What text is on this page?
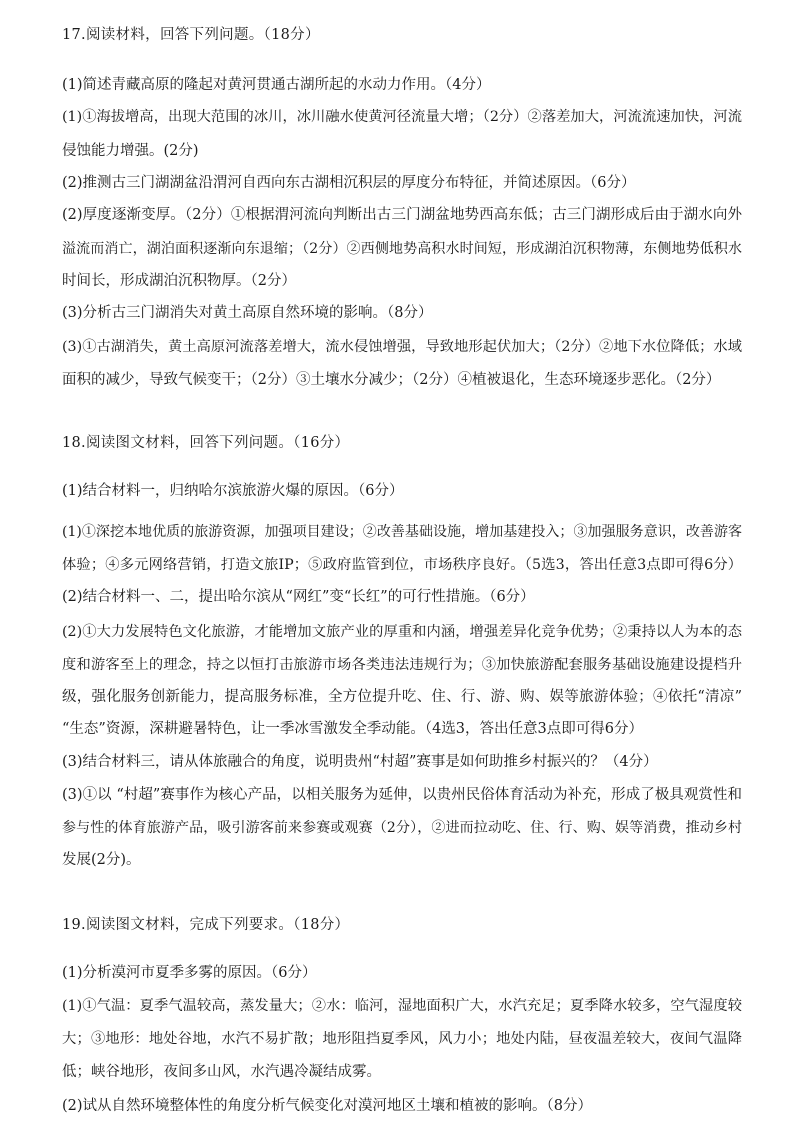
17.阅读材料，回答下列问题。（18分）
(1)简述青藏高原的隆起对黄河贯通古湖所起的水动力作用。（4分）
(1)①海拔增高，出现大范围的冰川，冰川融水使黄河径流量大增；（2分）②落差加大，河流流速加快，河流
侵蚀能力增强。(2分)
(2)推测古三门湖湖盆沿渭河自西向东古湖相沉积层的厚度分布特征，并简述原因。（6分）
(2)厚度逐渐变厚。（2分）①根据渭河流向判断出古三门湖盆地势西高东低；古三门湖形成后由于湖水向外
溢流而消亡，湖泊面积逐渐向东退缩；（2分）②西侧地势高积水时间短，形成湖泊沉积物薄，东侧地势低积水
时间长，形成湖泊沉积物厚。（2分）
(3)分析古三门湖消失对黄土高原自然环境的影响。（8分）
(3)①古湖消失，黄土高原河流落差增大，流水侵蚀增强，导致地形起伏加大；（2分）②地下水位降低；水域
面积的减少，导致气候变干；（2分）③土壤水分减少；（2分）④植被退化，生态环境逐步恶化。（2分）
18.阅读图文材料，回答下列问题。（16分）
(1)结合材料一，归纳哈尔滨旅游火爆的原因。（6分）
(1)①深挖本地优质的旅游资源，加强项目建设；②改善基础设施，增加基建投入；③加强服务意识，改善游客
体验；④多元网络营销，打造文旅IP；⑤政府监管到位，市场秩序良好。（5选3，答出任意3点即可得6分）
(2)结合材料一、二，提出哈尔滨从“网红”变“长红”的可行性措施。（6分）
(2)①大力发展特色文化旅游，才能增加文旅产业的厚重和内涵，增强差异化竞争优势；②秉持以人为本的态
度和游客至上的理念，持之以恒打击旅游市场各类违法违规行为；③加快旅游配套服务基础设施建设提档升
级，强化服务创新能力，提高服务标准，全方位提升吃、住、行、游、购、娱等旅游体验；④依托“清凉”
“生态”资源，深耕避暑特色，让一季冰雪激发全季动能。（4选3，答出任意3点即可得6分）
(3)结合材料三，请从体旅融合的角度，说明贵州“村超”赛事是如何助推乡村振兴的？（4分）
(3)①以 “村超”赛事作为核心产品，以相关服务为延伸，以贵州民俗体育活动为补充，形成了极具观赏性和
参与性的体育旅游产品，吸引游客前来参赛或观赛（2分），②进而拉动吃、住、行、购、娱等消费，推动乡村
发展(2分)。
19.阅读图文材料，完成下列要求。（18分）
(1)分析漠河市夏季多雾的原因。（6分）
(1)①气温：夏季气温较高，蒸发量大；②水：临河，湿地面积广大，水汽充足；夏季降水较多，空气湿度较
大；③地形：地处谷地，水汽不易扩散；地形阻挡夏季风，风力小；地处内陆，昼夜温差较大，夜间气温降
低；峡谷地形，夜间多山风，水汽遇冷凝结成雾。
(2)试从自然环境整体性的角度分析气候变化对漠河地区土壤和植被的影响。（8分）
